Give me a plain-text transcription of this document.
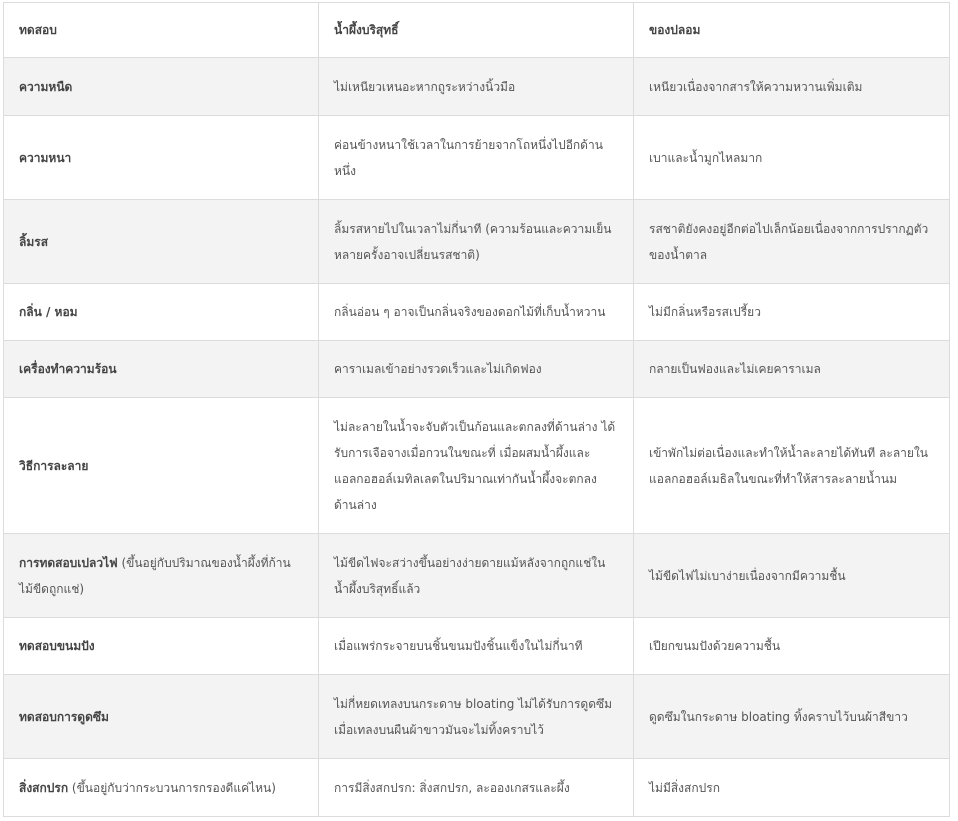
ทดสอบ	น้ำผึ้งบริสุทธิ์	ของปลอม
ความหนืด	ไม่เหนียวเหนอะหากถูระหว่างนิ้วมือ	เหนียวเนื่องจากสารให้ความหวานเพิ่มเติม
ความหนา	ค่อนข้างหนาใช้เวลาในการย้ายจากโถหนึ่งไปอีกด้านหนึ่ง	เบาและน้ำมูกไหลมาก
ลิ้มรส	ลิ้มรสหายไปในเวลาไม่กี่นาที (ความร้อนและความเย็นหลายครั้งอาจเปลี่ยนรสชาติ)	รสชาติยังคงอยู่อีกต่อไปเล็กน้อยเนื่องจากการปรากฏตัวของน้ำตาล
กลิ่น / หอม	กลิ่นอ่อน ๆ อาจเป็นกลิ่นจริงของดอกไม้ที่เก็บน้ำหวาน	ไม่มีกลิ่นหรือรสเปรี้ยว
เครื่องทำความร้อน	คาราเมลเข้าอย่างรวดเร็วและไม่เกิดฟอง	กลายเป็นฟองและไม่เคยคาราเมล
วิธีการละลาย	ไม่ละลายในน้ำจะจับตัวเป็นก้อนและตกลงที่ด้านล่าง ได้รับการเจือจางเมื่อกวนในขณะที่ เมื่อผสมน้ำผึ้งและแอลกอฮอล์เมทิลเลตในปริมาณเท่ากันน้ำผึ้งจะตกลงด้านล่าง	เข้าพักไม่ต่อเนื่องและทำให้น้ำละลายได้ทันที ละลายในแอลกอฮอล์เมธิลในขณะที่ทำให้สารละลายน้ำนม
การทดสอบเปลวไฟ (ขึ้นอยู่กับปริมาณของน้ำผึ้งที่ก้านไม้ขีดถูกแช่)	ไม้ขีดไฟจะสว่างขึ้นอย่างง่ายดายแม้หลังจากถูกแช่ในน้ำผึ้งบริสุทธิ์แล้ว	ไม้ขีดไฟไม่เบาง่ายเนื่องจากมีความชื้น
ทดสอบขนมปัง	เมื่อแพร่กระจายบนชิ้นขนมปังชิ้นแข็งในไม่กี่นาที	เปียกขนมปังด้วยความชื้น
ทดสอบการดูดซึม	ไม่กี่หยดเทลงบนกระดาษ bloating ไม่ได้รับการดูดซึม เมื่อเทลงบนผืนผ้าขาวมันจะไม่ทิ้งคราบไว้	ดูดซึมในกระดาษ bloating ทิ้งคราบไว้บนผ้าสีขาว
สิ่งสกปรก (ขึ้นอยู่กับว่ากระบวนการกรองดีแค่ไหน)	การมีสิ่งสกปรก: สิ่งสกปรก, ละอองเกสรและผึ้ง	ไม่มีสิ่งสกปรก
